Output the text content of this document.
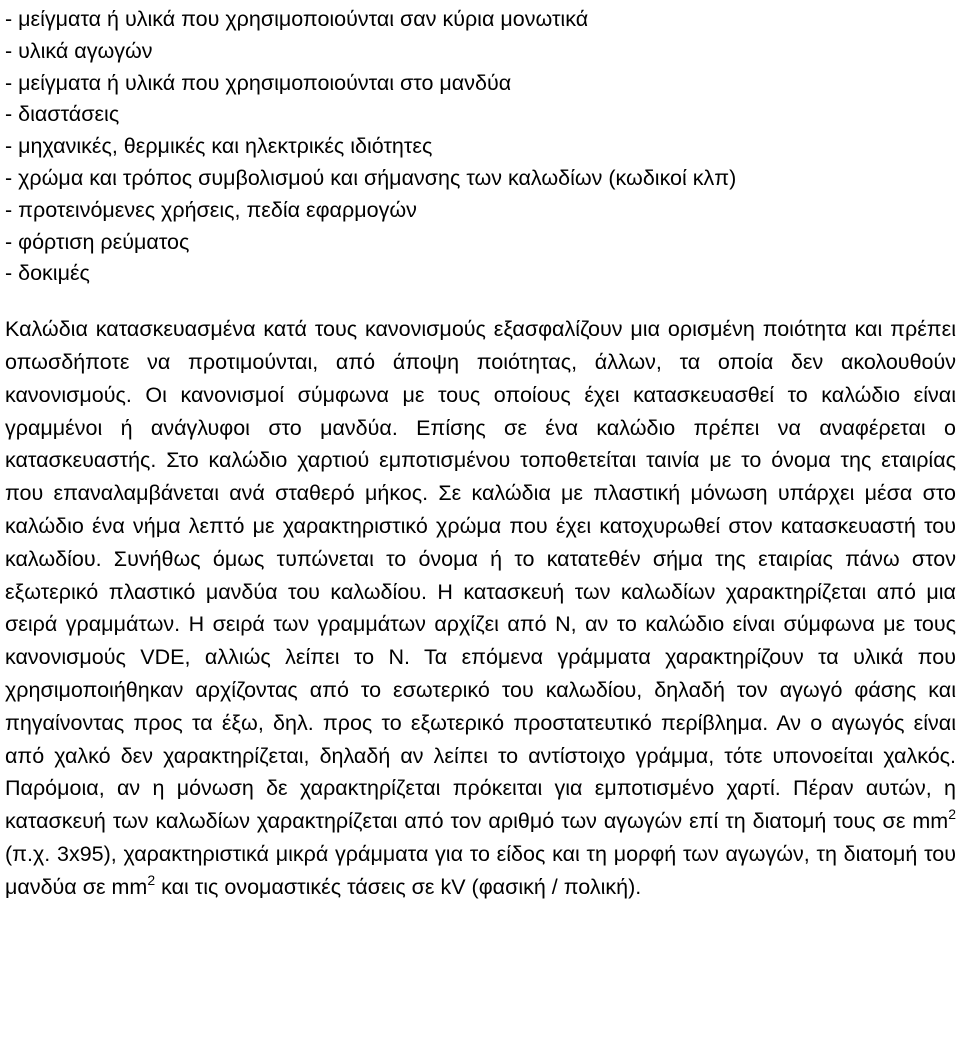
- μείγματα ή υλικά που χρησιμοποιούνται σαν κύρια μονωτικά
- υλικά αγωγών
- μείγματα ή υλικά που χρησιμοποιούνται στο μανδύα
- διαστάσεις
- μηχανικές, θερμικές και ηλεκτρικές ιδιότητες
- χρώμα και τρόπος συμβολισμού και σήμανσης των καλωδίων (κωδικοί κλπ)
- προτεινόμενες χρήσεις, πεδία εφαρμογών
- φόρτιση ρεύματος
- δοκιμές

Καλώδια κατασκευασμένα κατά τους κανονισμούς εξασφαλίζουν μια ορισμένη ποιότητα και πρέπει οπωσδήποτε να προτιμούνται, από άποψη ποιότητας, άλλων, τα οποία δεν ακολουθούν κανονισμούς. Οι κανονισμοί σύμφωνα με τους οποίους έχει κατασκευασθεί το καλώδιο είναι γραμμένοι ή ανάγλυφοι στο μανδύα. Επίσης σε ένα καλώδιο πρέπει να αναφέρεται ο κατασκευαστής. Στο καλώδιο χαρτιού εμποτισμένου τοποθετείται ταινία με το όνομα της εταιρίας που επαναλαμβάνεται ανά σταθερό μήκος. Σε καλώδια με πλαστική μόνωση υπάρχει μέσα στο καλώδιο ένα νήμα λεπτό με χαρακτηριστικό χρώμα που έχει κατοχυρωθεί στον κατασκευαστή του καλωδίου. Συνήθως όμως τυπώνεται το όνομα ή το κατατεθέν σήμα της εταιρίας πάνω στον εξωτερικό πλαστικό μανδύα του καλωδίου. Η κατασκευή των καλωδίων χαρακτηρίζεται από μια σειρά γραμμάτων. Η σειρά των γραμμάτων αρχίζει από Ν, αν το καλώδιο είναι σύμφωνα με τους κανονισμούς VDE, αλλιώς λείπει το Ν. Τα επόμενα γράμματα χαρακτηρίζουν τα υλικά που χρησιμοποιήθηκαν αρχίζοντας από το εσωτερικό του καλωδίου, δηλαδή τον αγωγό φάσης και πηγαίνοντας προς τα έξω, δηλ. προς το εξωτερικό προστατευτικό περίβλημα. Αν ο αγωγός είναι από χαλκό δεν χαρακτηρίζεται, δηλαδή αν λείπει το αντίστοιχο γράμμα, τότε υπονοείται χαλκός. Παρόμοια, αν η μόνωση δε χαρακτηρίζεται πρόκειται για εμποτισμένο χαρτί. Πέραν αυτών, η κατασκευή των καλωδίων χαρακτηρίζεται από τον αριθμό των αγωγών επί τη διατομή τους σε $mm^2$ (π.χ. 3x95), χαρακτηριστικά μικρά γράμματα για το είδος και τη μορφή των αγωγών, τη διατομή του μανδύα σε $mm^2$ και τις ονομαστικές τάσεις σε kV (φασική / πολική).
